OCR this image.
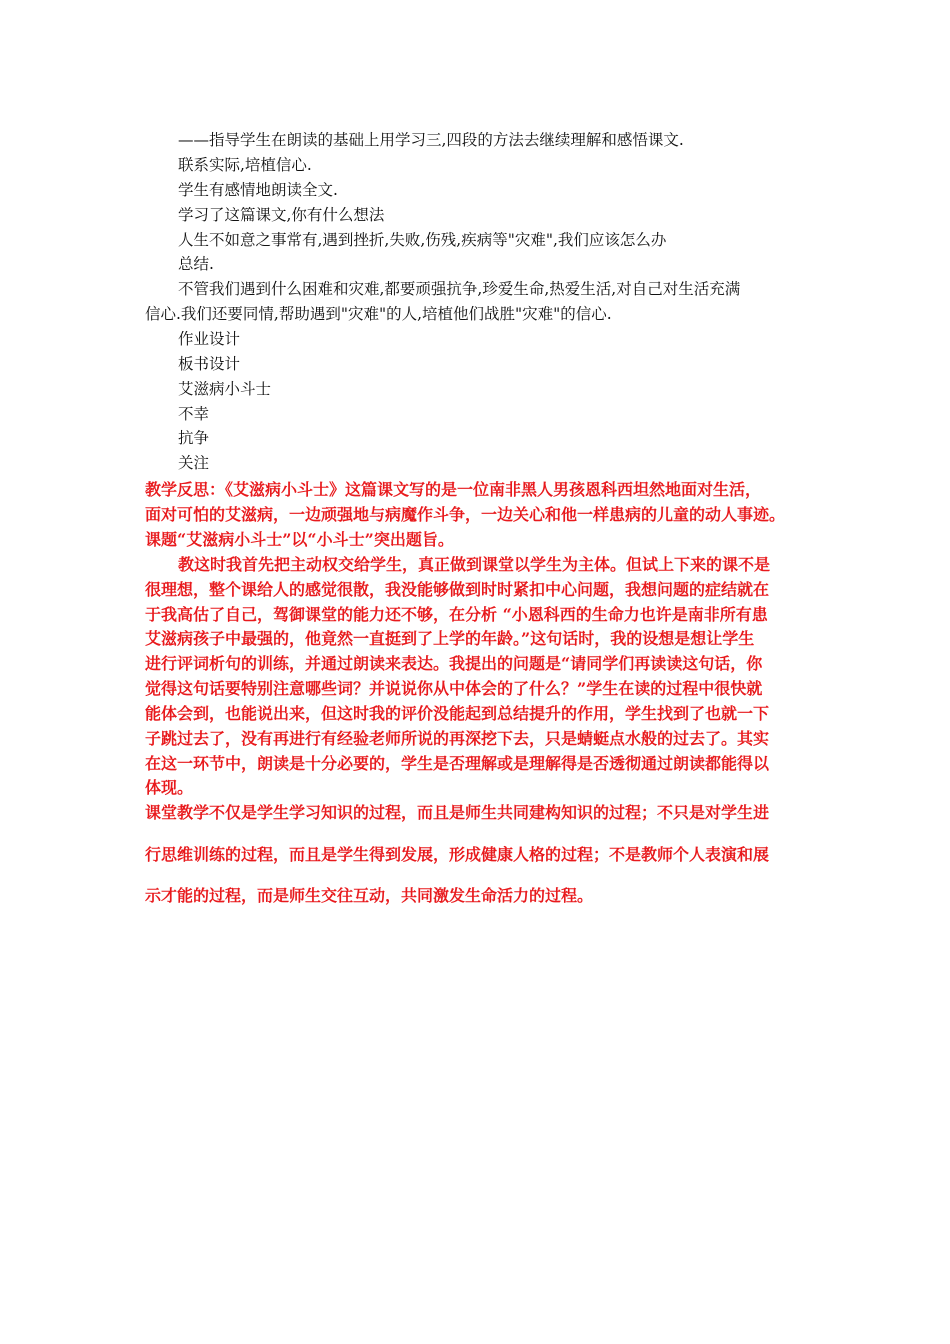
——指导学生在朗读的基础上用学习三,四段的方法去继续理解和感悟课文.
联系实际,培植信心.
学生有感情地朗读全文.
学习了这篇课文,你有什么想法
人生不如意之事常有,遇到挫折,失败,伤残,疾病等"灾难",我们应该怎么办
总结.
不管我们遇到什么困难和灾难,都要顽强抗争,珍爱生命,热爱生活,对自己对生活充满
信心.我们还要同情,帮助遇到"灾难"的人,培植他们战胜"灾难"的信心.
作业设计
板书设计
艾滋病小斗士
不幸
抗争
关注
教学反思：《艾滋病小斗士》这篇课文写的是一位南非黑人男孩恩科西坦然地面对生活，
面对可怕的艾滋病，一边顽强地与病魔作斗争，一边关心和他一样患病的儿童的动人事迹。
课题“艾滋病小斗士”以“小斗士”突出题旨。
教这时我首先把主动权交给学生，真正做到课堂以学生为主体。但试上下来的课不是
很理想，整个课给人的感觉很散，我没能够做到时时紧扣中心问题，我想问题的症结就在
于我高估了自己，驾御课堂的能力还不够，在分析 “小恩科西的生命力也许是南非所有患
艾滋病孩子中最强的，他竟然一直挺到了上学的年龄。”这句话时，我的设想是想让学生
进行评词析句的训练，并通过朗读来表达。我提出的问题是“请同学们再读读这句话，你
觉得这句话要特别注意哪些词？并说说你从中体会的了什么？”学生在读的过程中很快就
能体会到，也能说出来，但这时我的评价没能起到总结提升的作用，学生找到了也就一下
子跳过去了，没有再进行有经验老师所说的再深挖下去，只是蜻蜓点水般的过去了。其实
在这一环节中，朗读是十分必要的，学生是否理解或是理解得是否透彻通过朗读都能得以
体现。
课堂教学不仅是学生学习知识的过程，而且是师生共同建构知识的过程；不只是对学生进
行思维训练的过程，而且是学生得到发展，形成健康人格的过程；不是教师个人表演和展
示才能的过程，而是师生交往互动，共同激发生命活力的过程。
